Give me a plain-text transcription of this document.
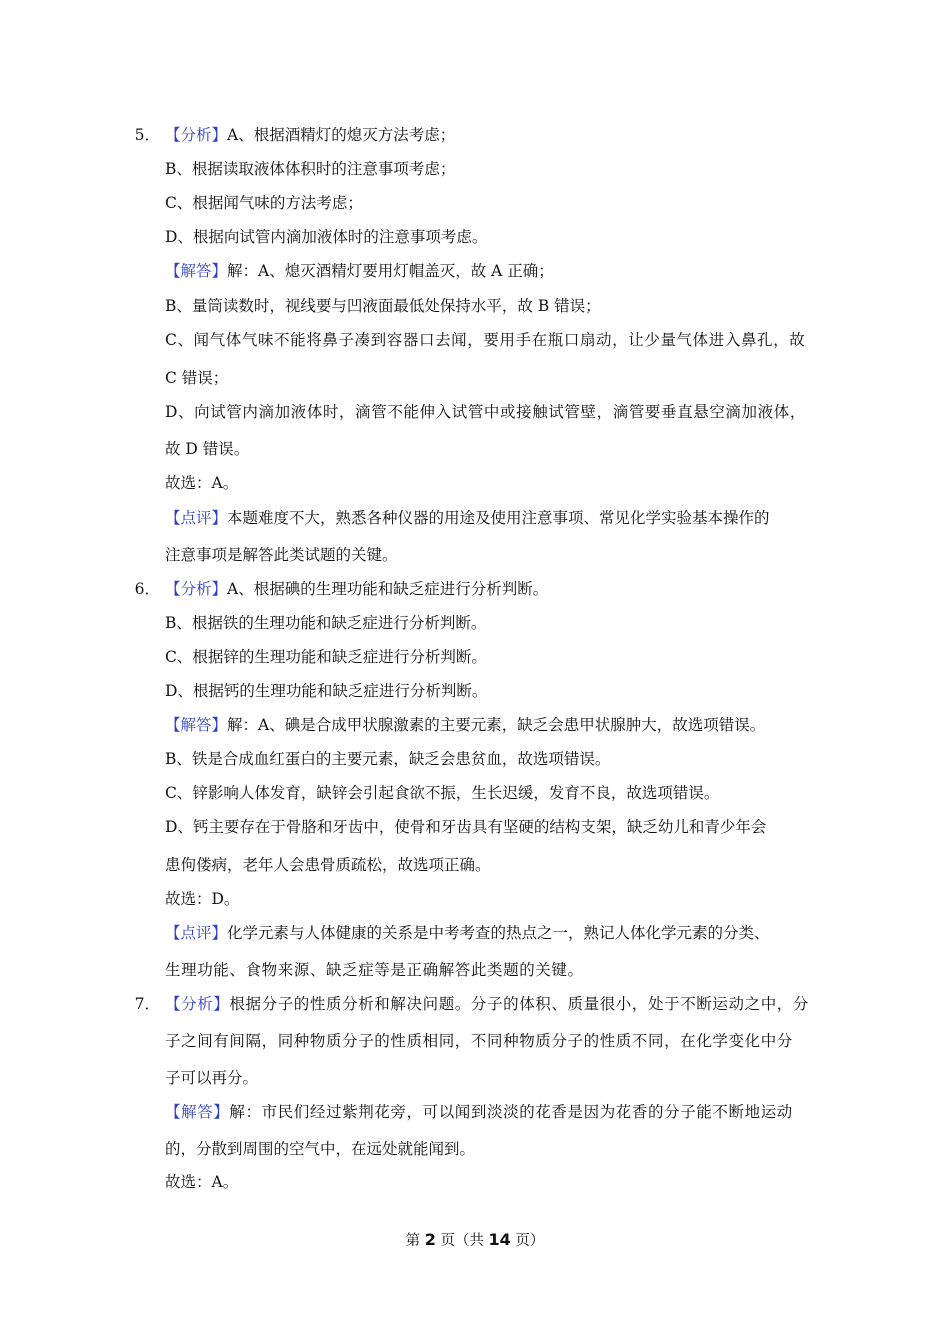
5． 【分析】A、根据酒精灯的熄灭方法考虑；
B、根据读取液体体积时的注意事项考虑；
C、根据闻气味的方法考虑；
D、根据向试管内滴加液体时的注意事项考虑。
【解答】解：A、熄灭酒精灯要用灯帽盖灭，故 A 正确；
B、量筒读数时，视线要与凹液面最低处保持水平，故 B 错误；
C、闻气体气味不能将鼻子凑到容器口去闻，要用手在瓶口扇动，让少量气体进入鼻孔，故
C 错误；
D、向试管内滴加液体时，滴管不能伸入试管中或接触试管壁，滴管要垂直悬空滴加液体，
故 D 错误。
故选：A。
【点评】本题难度不大，熟悉各种仪器的用途及使用注意事项、常见化学实验基本操作的
注意事项是解答此类试题的关键。
6． 【分析】A、根据碘的生理功能和缺乏症进行分析判断。
B、根据铁的生理功能和缺乏症进行分析判断。
C、根据锌的生理功能和缺乏症进行分析判断。
D、根据钙的生理功能和缺乏症进行分析判断。
【解答】解：A、碘是合成甲状腺激素的主要元素，缺乏会患甲状腺肿大，故选项错误。
B、铁是合成血红蛋白的主要元素，缺乏会患贫血，故选项错误。
C、锌影响人体发育，缺锌会引起食欲不振，生长迟缓，发育不良，故选项错误。
D、钙主要存在于骨胳和牙齿中，使骨和牙齿具有坚硬的结构支架，缺乏幼儿和青少年会
患佝偻病，老年人会患骨质疏松，故选项正确。
故选：D。
【点评】化学元素与人体健康的关系是中考考查的热点之一，熟记人体化学元素的分类、
生理功能、食物来源、缺乏症等是正确解答此类题的关键。
7． 【分析】根据分子的性质分析和解决问题。分子的体积、质量很小，处于不断运动之中，分
子之间有间隔，同种物质分子的性质相同，不同种物质分子的性质不同，在化学变化中分
子可以再分。
【解答】解：市民们经过紫荆花旁，可以闻到淡淡的花香是因为花香的分子能不断地运动
的，分散到周围的空气中，在远处就能闻到。
故选：A。
第 2 页（共 14 页）
